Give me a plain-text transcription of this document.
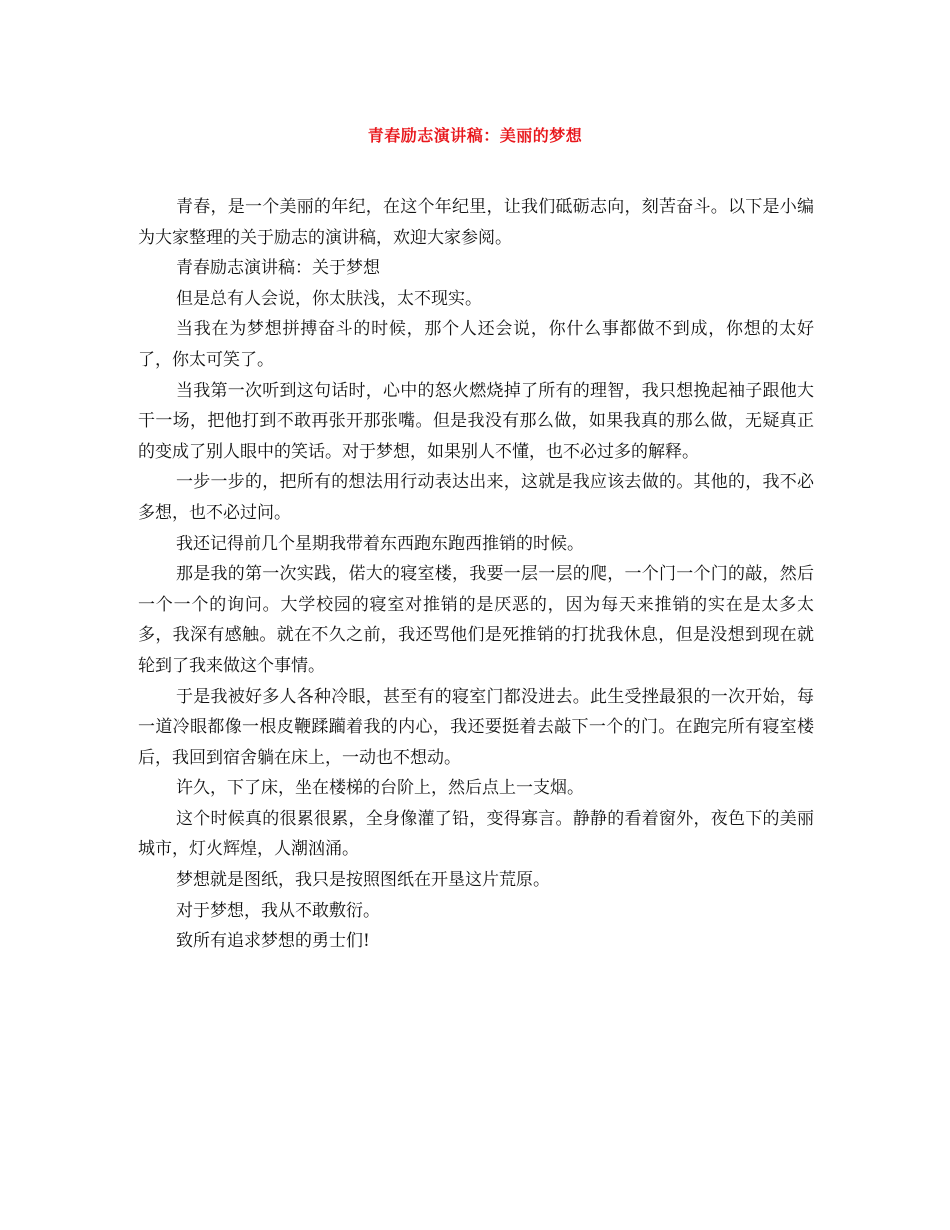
青春励志演讲稿：美丽的梦想

青春，是一个美丽的年纪，在这个年纪里，让我们砥砺志向，刻苦奋斗。以下是小编为大家整理的关于励志的演讲稿，欢迎大家参阅。

青春励志演讲稿：关于梦想

但是总有人会说，你太肤浅，太不现实。

当我在为梦想拼搏奋斗的时候，那个人还会说，你什么事都做不到成，你想的太好了，你太可笑了。

当我第一次听到这句话时，心中的怒火燃烧掉了所有的理智，我只想挽起袖子跟他大干一场，把他打到不敢再张开那张嘴。但是我没有那么做，如果我真的那么做，无疑真正的变成了别人眼中的笑话。对于梦想，如果别人不懂，也不必过多的解释。

一步一步的，把所有的想法用行动表达出来，这就是我应该去做的。其他的，我不必多想，也不必过问。

我还记得前几个星期我带着东西跑东跑西推销的时候。

那是我的第一次实践，偌大的寝室楼，我要一层一层的爬，一个门一个门的敲，然后一个一个的询问。大学校园的寝室对推销的是厌恶的，因为每天来推销的实在是太多太多，我深有感触。就在不久之前，我还骂他们是死推销的打扰我休息，但是没想到现在就轮到了我来做这个事情。

于是我被好多人各种冷眼，甚至有的寝室门都没进去。此生受挫最狠的一次开始，每一道冷眼都像一根皮鞭蹂躏着我的内心，我还要挺着去敲下一个的门。在跑完所有寝室楼后，我回到宿舍躺在床上，一动也不想动。

许久，下了床，坐在楼梯的台阶上，然后点上一支烟。

这个时候真的很累很累，全身像灌了铅，变得寡言。静静的看着窗外，夜色下的美丽城市，灯火辉煌，人潮汹涌。

梦想就是图纸，我只是按照图纸在开垦这片荒原。

对于梦想，我从不敢敷衍。

致所有追求梦想的勇士们!
